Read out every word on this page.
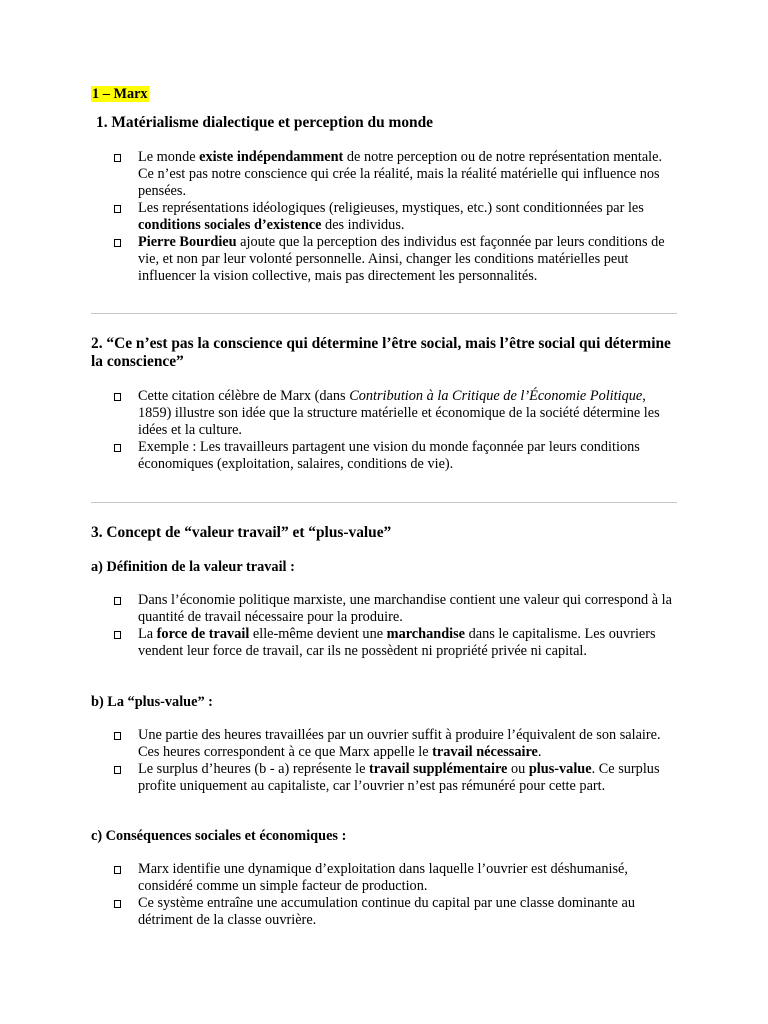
1 – Marx
1. Matérialisme dialectique et perception du monde
Le monde existe indépendamment de notre perception ou de notre représentation mentale. Ce n’est pas notre conscience qui crée la réalité, mais la réalité matérielle qui influence nos pensées.
Les représentations idéologiques (religieuses, mystiques, etc.) sont conditionnées par les conditions sociales d’existence des individus.
Pierre Bourdieu ajoute que la perception des individus est façonnée par leurs conditions de vie, et non par leur volonté personnelle. Ainsi, changer les conditions matérielles peut influencer la vision collective, mais pas directement les personnalités.
2. “Ce n’est pas la conscience qui détermine l’être social, mais l’être social qui détermine la conscience”
Cette citation célèbre de Marx (dans Contribution à la Critique de l’Économie Politique, 1859) illustre son idée que la structure matérielle et économique de la société détermine les idées et la culture.
Exemple : Les travailleurs partagent une vision du monde façonnée par leurs conditions économiques (exploitation, salaires, conditions de vie).
3. Concept de “valeur travail” et “plus-value”
a) Définition de la valeur travail :
Dans l’économie politique marxiste, une marchandise contient une valeur qui correspond à la quantité de travail nécessaire pour la produire.
La force de travail elle-même devient une marchandise dans le capitalisme. Les ouvriers vendent leur force de travail, car ils ne possèdent ni propriété privée ni capital.
b) La “plus-value” :
Une partie des heures travaillées par un ouvrier suffit à produire l’équivalent de son salaire. Ces heures correspondent à ce que Marx appelle le travail nécessaire.
Le surplus d’heures (b - a) représente le travail supplémentaire ou plus-value. Ce surplus profite uniquement au capitaliste, car l’ouvrier n’est pas rémunéré pour cette part.
c) Conséquences sociales et économiques :
Marx identifie une dynamique d’exploitation dans laquelle l’ouvrier est déshumanisé, considéré comme un simple facteur de production.
Ce système entraîne une accumulation continue du capital par une classe dominante au détriment de la classe ouvrière.
